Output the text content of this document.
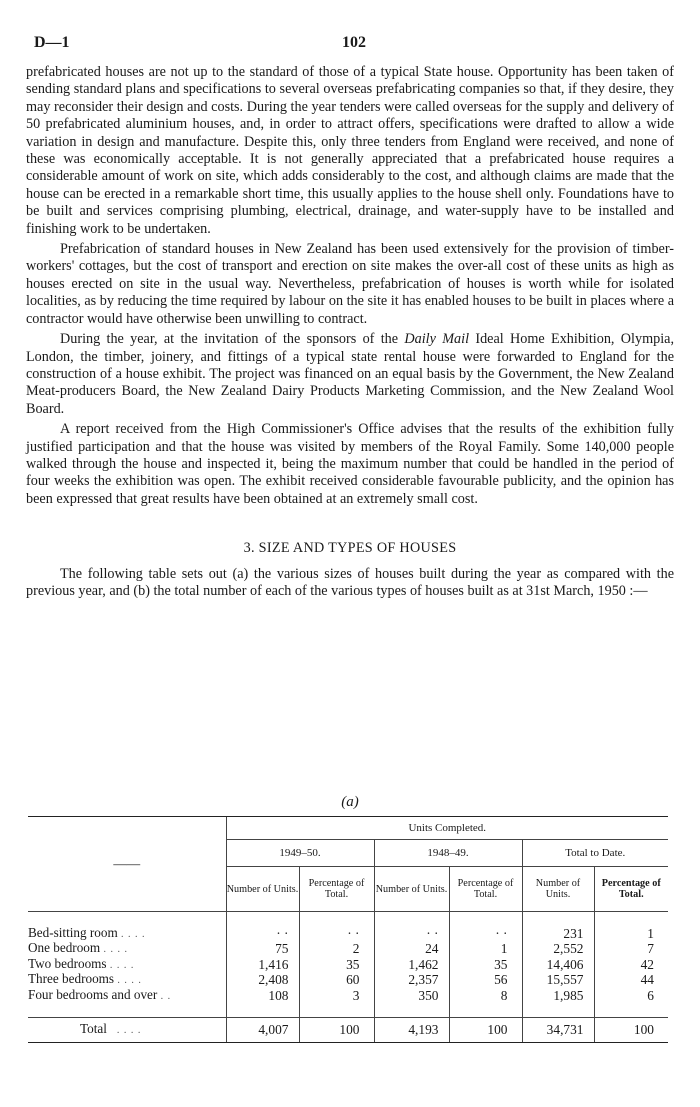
D—1	102

prefabricated houses are not up to the standard of those of a typical State house. Opportunity has been taken of sending standard plans and specifications to several overseas prefabricating companies so that, if they desire, they may reconsider their design and costs. During the year tenders were called overseas for the supply and delivery of 50 prefabricated aluminium houses, and, in order to attract offers, specifications were drafted to allow a wide variation in design and manufacture. Despite this, only three tenders from England were received, and none of these was economically acceptable. It is not generally appreciated that a prefabricated house requires a considerable amount of work on site, which adds considerably to the cost, and although claims are made that the house can be erected in a remarkable short time, this usually applies to the house shell only. Foundations have to be built and services comprising plumbing, electrical, drainage, and water-supply have to be installed and finishing work to be undertaken.

Prefabrication of standard houses in New Zealand has been used extensively for the provision of timber-workers' cottages, but the cost of transport and erection on site makes the over-all cost of these units as high as houses erected on site in the usual way. Nevertheless, prefabrication of houses is worth while for isolated localities, as by reducing the time required by labour on the site it has enabled houses to be built in places where a contractor would have otherwise been unwilling to contract.

During the year, at the invitation of the sponsors of the Daily Mail Ideal Home Exhibition, Olympia, London, the timber, joinery, and fittings of a typical state rental house were forwarded to England for the construction of a house exhibit. The project was financed on an equal basis by the Government, the New Zealand Meat-producers Board, the New Zealand Dairy Products Marketing Commission, and the New Zealand Wool Board.

A report received from the High Commissioner's Office advises that the results of the exhibition fully justified participation and that the house was visited by members of the Royal Family. Some 140,000 people walked through the house and inspected it, being the maximum number that could be handled in the period of four weeks the exhibition was open. The exhibit received considerable favourable publicity, and the opinion has been expressed that great results have been obtained at an extremely small cost.

3. SIZE AND TYPES OF HOUSES

The following table sets out (a) the various sizes of houses built during the year as compared with the previous year, and (b) the total number of each of the various types of houses built as at 31st March, 1950 :—

(a)
——	Units Completed.					
	1949–50.		1948–49.		Total to Date.	
	Number of Units.	Percentage of Total.	Number of Units.	Percentage of Total.	Number of Units.	Percentage of Total.

Bed-sitting room . . . .	· ·	· ·	· ·	· ·	231	1
One bedroom . . . .	75	2	24	1	2,552	7
Two bedrooms . . . .	1,416	35	1,462	35	14,406	42
Three bedrooms . . . .	2,408	60	2,357	56	15,557	44
Four bedrooms and over . .	108	3	350	8	1,985	6

Total . . . .	4,007	100	4,193	100	34,731	100
